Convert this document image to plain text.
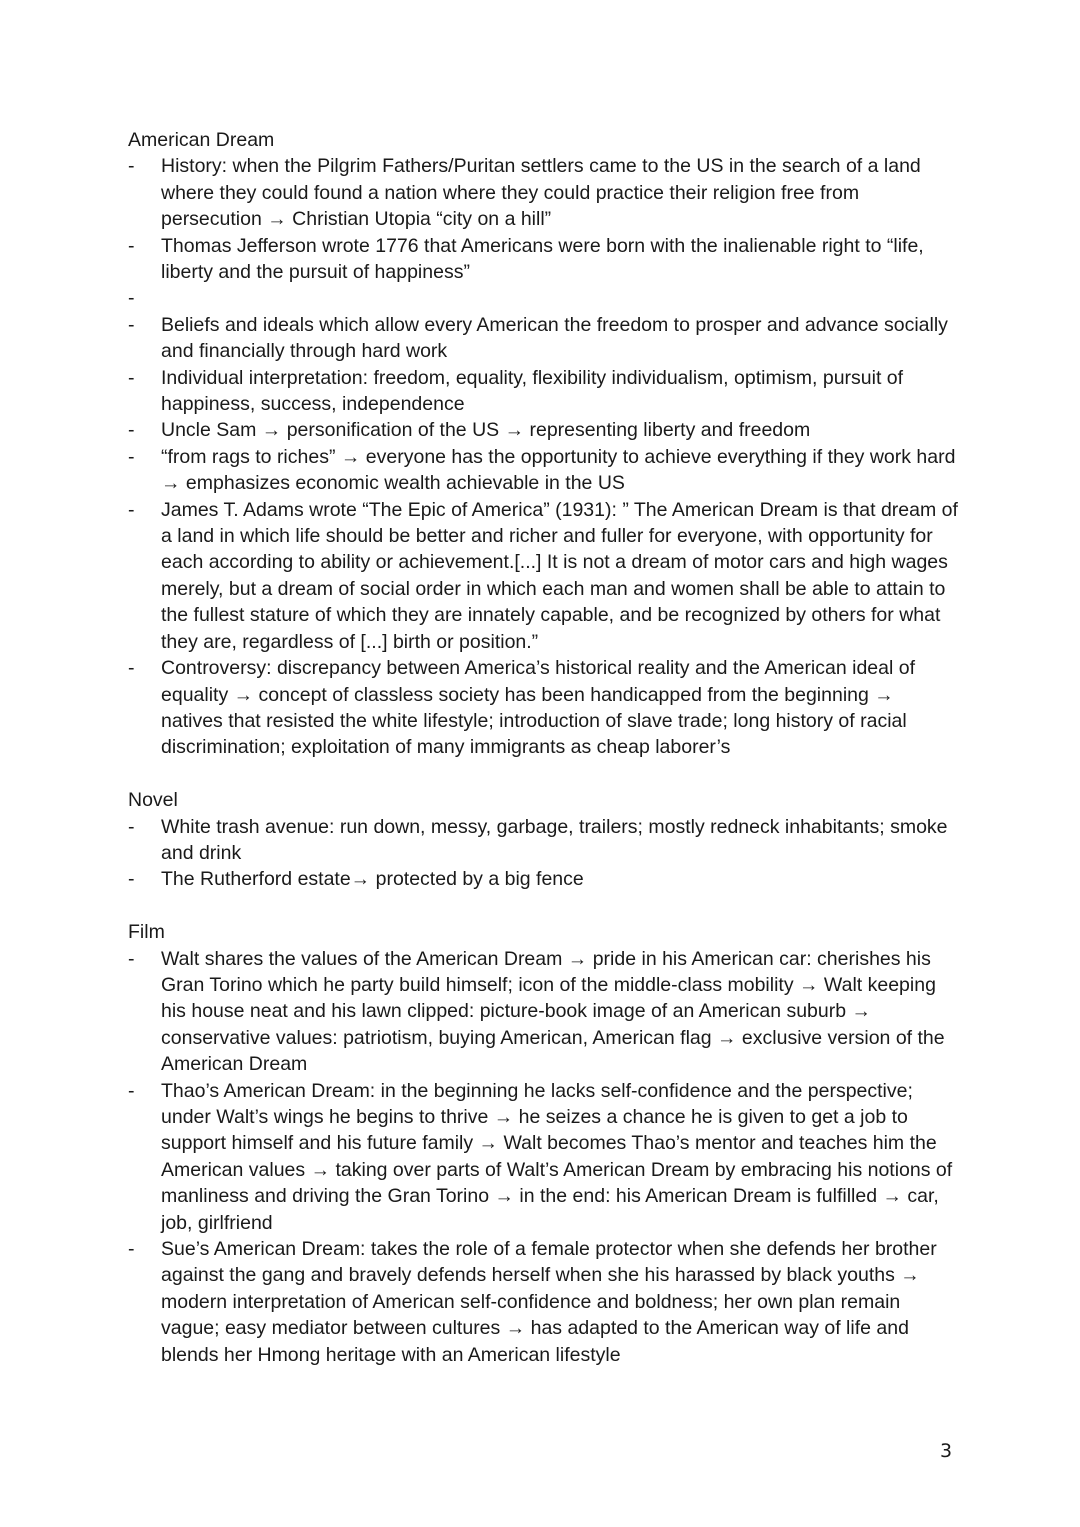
American Dream

- History: when the Pilgrim Fathers/Puritan settlers came to the US in the search of a land where they could found a nation where they could practice their religion free from persecution → Christian Utopia “city on a hill”
- Thomas Jefferson wrote 1776 that Americans were born with the inalienable right to “life, liberty and the pursuit of happiness”
-
- Beliefs and ideals which allow every American the freedom to prosper and advance socially and financially through hard work
- Individual interpretation: freedom, equality, flexibility individualism, optimism, pursuit of happiness, success, independence
- Uncle Sam → personification of the US → representing liberty and freedom
- “from rags to riches” → everyone has the opportunity to achieve everything if they work hard → emphasizes economic wealth achievable in the US
- James T. Adams wrote “The Epic of America” (1931): ” The American Dream is that dream of a land in which life should be better and richer and fuller for everyone, with opportunity for each according to ability or achievement.[...] It is not a dream of motor cars and high wages merely, but a dream of social order in which each man and women shall be able to attain to the fullest stature of which they are innately capable, and be recognized by others for what they are, regardless of [...] birth or position.”
- Controversy: discrepancy between America’s historical reality and the American ideal of equality → concept of classless society has been handicapped from the beginning → natives that resisted the white lifestyle; introduction of slave trade; long history of racial discrimination; exploitation of many immigrants as cheap laborer’s

Novel

- White trash avenue: run down, messy, garbage, trailers; mostly redneck inhabitants; smoke and drink
- The Rutherford estate→ protected by a big fence

Film

- Walt shares the values of the American Dream → pride in his American car: cherishes his Gran Torino which he party build himself; icon of the middle-class mobility → Walt keeping his house neat and his lawn clipped: picture-book image of an American suburb → conservative values: patriotism, buying American, American flag → exclusive version of the American Dream
- Thao’s American Dream: in the beginning he lacks self-confidence and the perspective; under Walt’s wings he begins to thrive → he seizes a chance he is given to get a job to support himself and his future family → Walt becomes Thao’s mentor and teaches him the American values → taking over parts of Walt’s American Dream by embracing his notions of manliness and driving the Gran Torino → in the end: his American Dream is fulfilled → car, job, girlfriend
- Sue’s American Dream: takes the role of a female protector when she defends her brother against the gang and bravely defends herself when she his harassed by black youths → modern interpretation of American self-confidence and boldness; her own plan remain vague; easy mediator between cultures → has adapted to the American way of life and blends her Hmong heritage with an American lifestyle
3
